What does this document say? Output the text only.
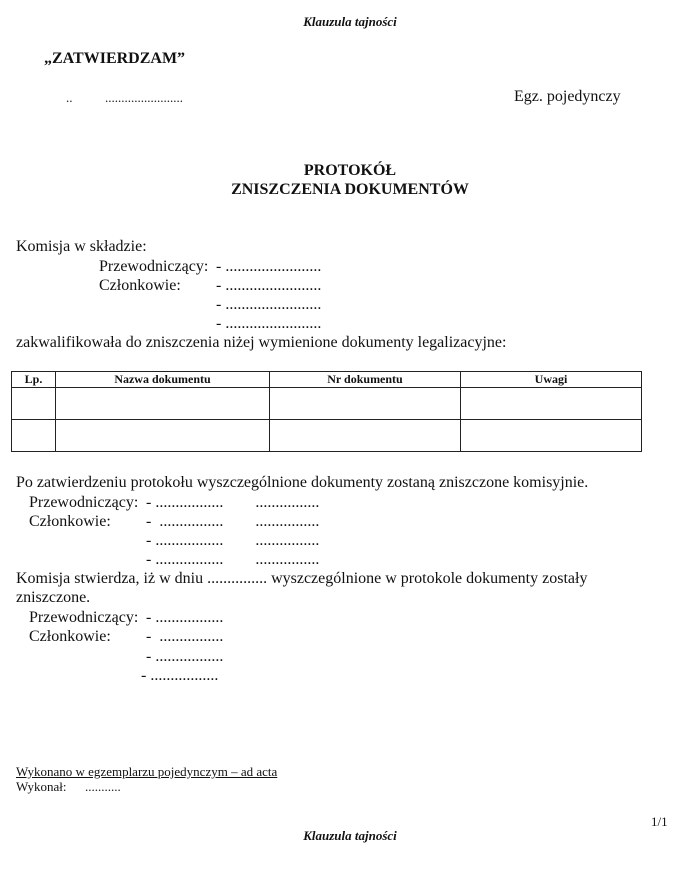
Klauzula tajności
„ZATWIERDZAM”
..          ........................	Egz. pojedynczy
PROTOKÓŁ
ZNISZCZENIA DOKUMENTÓW
Komisja w składzie:
Przewodniczący: - ........................
Członkowie: - ........................
- ........................
- ........................
zakwalifikowała do zniszczenia niżej wymienione dokumenty legalizacyjne:
Lp.	Nazwa dokumentu	Nr dokumentu	Uwagi

Po zatwierdzeniu protokołu wyszczególnione dokumenty zostaną zniszczone komisyjnie.
Przewodniczący: - .................        ................
Członkowie: -  ................        ................
- .................        ................
- .................        ................
Komisja stwierdza, iż w dniu ............... wyszczególnione w protokole dokumenty zostały
zniszczone.
Przewodniczący: - .................
Członkowie: -  ................
- .................
- .................
Wykonano w egzemplarzu pojedynczym – ad acta
Wykonał: ...........
1/1
Klauzula tajności
